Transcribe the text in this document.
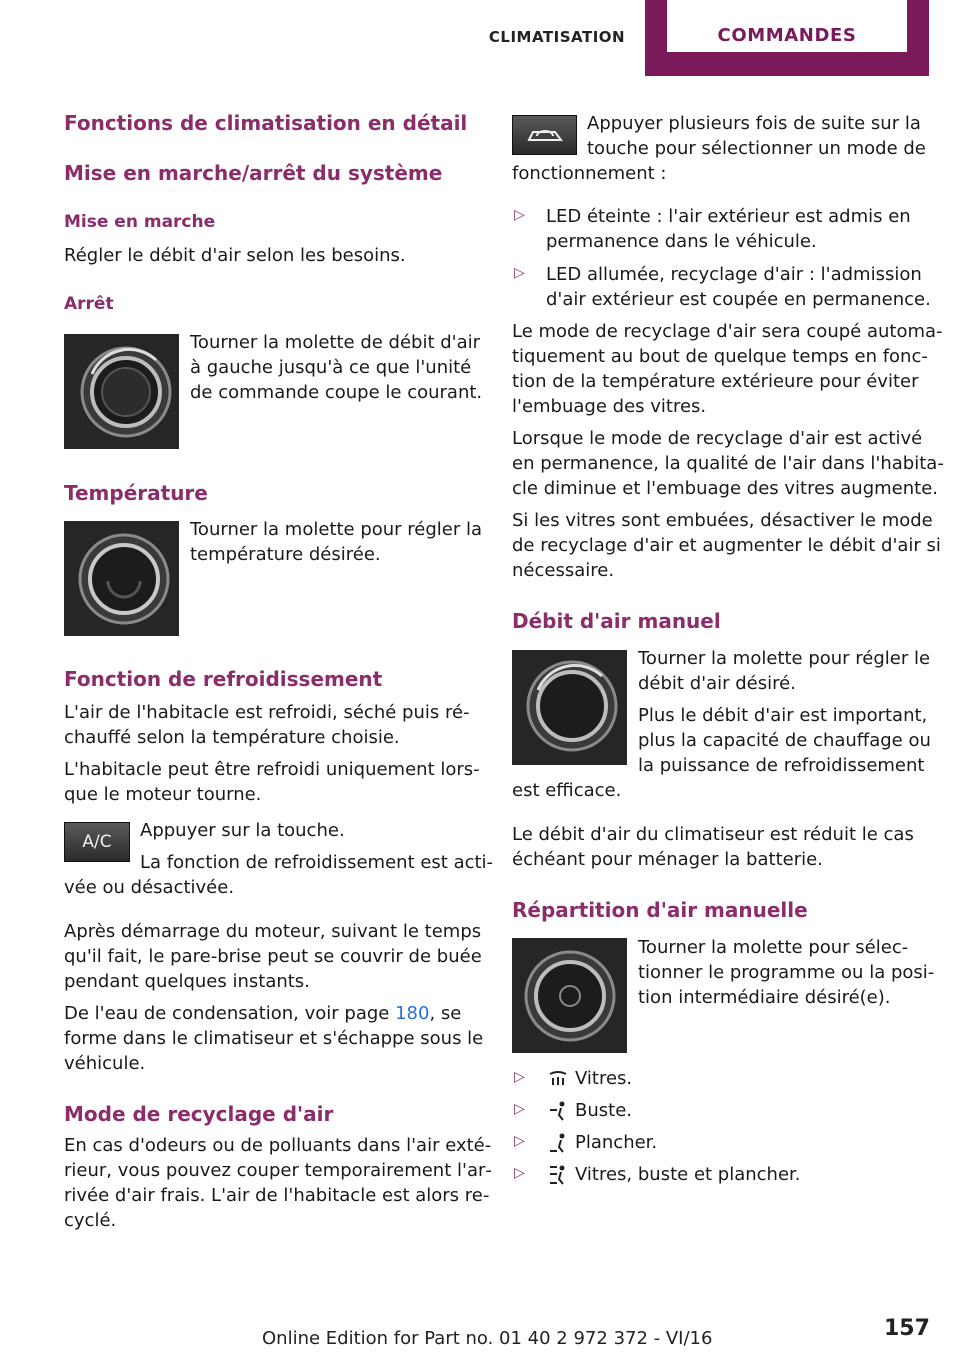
CLIMATISATION	COMMANDES
Fonctions de climatisation en détail
Mise en marche/arrêt du système
Mise en marche
Régler le débit d'air selon les besoins.
Arrêt
Tourner la molette de débit d'air
à gauche jusqu'à ce que l'unité
de commande coupe le courant.
Température
Tourner la molette pour régler la
température désirée.
Fonction de refroidissement
L'air de l'habitacle est refroidi, séché puis ré‐
chauffé selon la température choisie.
L'habitacle peut être refroidi uniquement lors‐
que le moteur tourne.
A/C
Appuyer sur la touche.
La fonction de refroidissement est acti‐
vée ou désactivée.
Après démarrage du moteur, suivant le temps
qu'il fait, le pare-brise peut se couvrir de buée
pendant quelques instants.
De l'eau de condensation, voir page 180, se
forme dans le climatiseur et s'échappe sous le
véhicule.
Mode de recyclage d'air
En cas d'odeurs ou de polluants dans l'air exté‐
rieur, vous pouvez couper temporairement l'ar‐
rivée d'air frais. L'air de l'habitacle est alors re‐
cyclé.
Appuyer plusieurs fois de suite sur la
touche pour sélectionner un mode de
fonctionnement :
▷ LED éteinte : l'air extérieur est admis en
permanence dans le véhicule.
▷ LED allumée, recyclage d'air : l'admission
d'air extérieur est coupée en permanence.
Le mode de recyclage d'air sera coupé automa‐
tiquement au bout de quelque temps en fonc‐
tion de la température extérieure pour éviter
l'embuage des vitres.
Lorsque le mode de recyclage d'air est activé
en permanence, la qualité de l'air dans l'habita‐
cle diminue et l'embuage des vitres augmente.
Si les vitres sont embuées, désactiver le mode
de recyclage d'air et augmenter le débit d'air si
nécessaire.
Débit d'air manuel
Tourner la molette pour régler le
débit d'air désiré.
Plus le débit d'air est important,
plus la capacité de chauffage ou
la puissance de refroidissement
est efficace.
Le débit d'air du climatiseur est réduit le cas
échéant pour ménager la batterie.
Répartition d'air manuelle
Tourner la molette pour sélec‐
tionner le programme ou la posi‐
tion intermédiaire désiré(e).
▷	Vitres.
▷	Buste.
▷	Plancher.
▷	Vitres, buste et plancher.
157
Online Edition for Part no. 01 40 2 972 372 - VI/16
